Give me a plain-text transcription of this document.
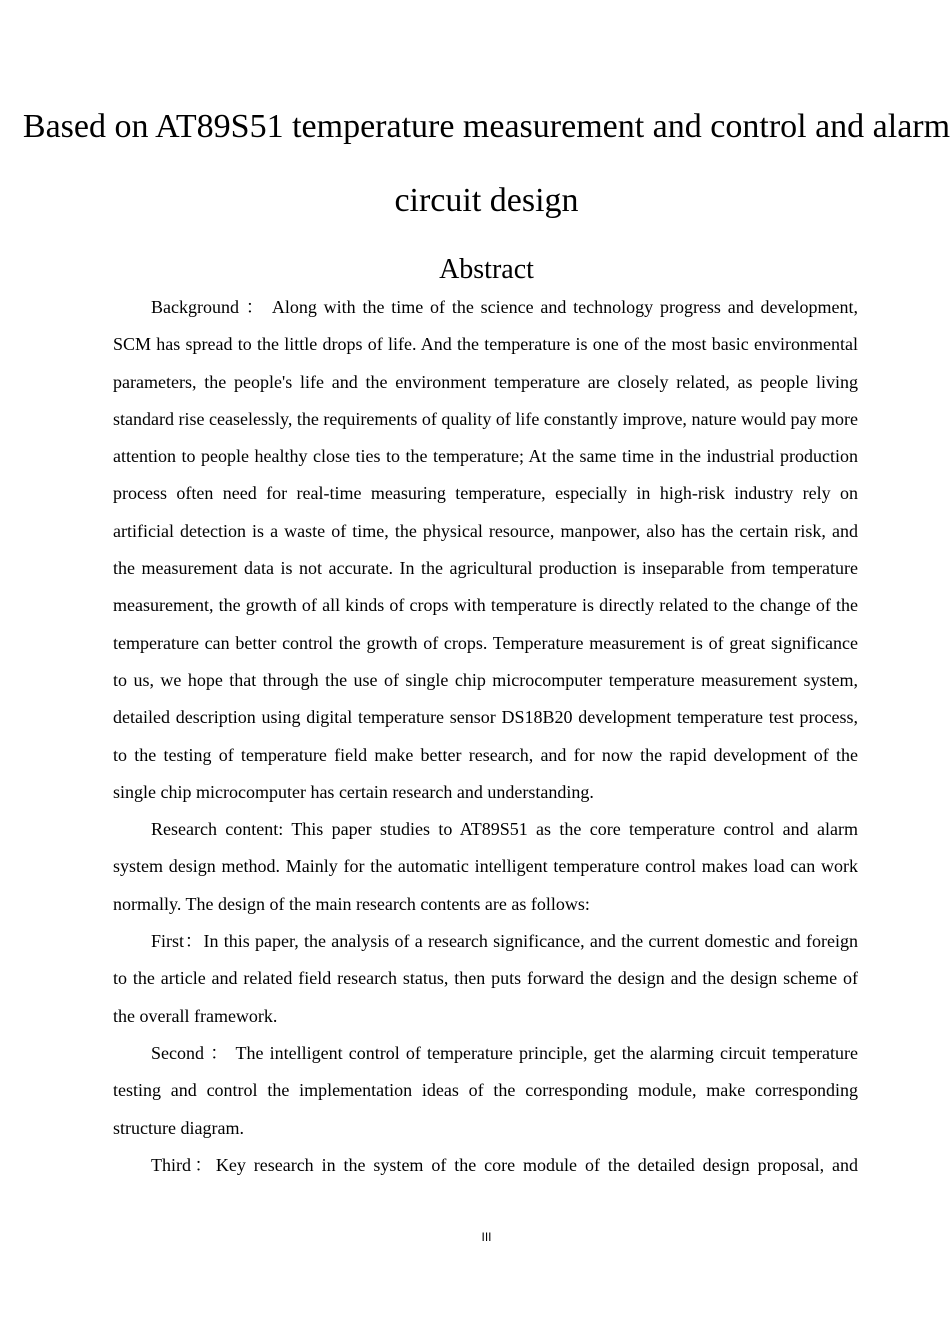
Based on AT89S51 temperature measurement and control and alarm circuit design
Abstract

Background ： Along with the time of the science and technology progress and development, SCM has spread to the little drops of life. And the temperature is one of the most basic environmental parameters, the people's life and the environment temperature are closely related, as people living standard rise ceaselessly, the requirements of quality of life constantly improve, nature would pay more attention to people healthy close ties to the temperature; At the same time in the industrial production process often need for real-time measuring temperature, especially in high-risk industry rely on artificial detection is a waste of time, the physical resource, manpower, also has the certain risk, and the measurement data is not accurate. In the agricultural production is inseparable from temperature measurement, the growth of all kinds of crops with temperature is directly related to the change of the temperature can better control the growth of crops. Temperature measurement is of great significance to us, we hope that through the use of single chip microcomputer temperature measurement system, detailed description using digital temperature sensor DS18B20 development temperature test process, to the testing of temperature field make better research, and for now the rapid development of the single chip microcomputer has certain research and understanding.

Research content: This paper studies to AT89S51 as the core temperature control and alarm system design method. Mainly for the automatic intelligent temperature control makes load can work normally. The design of the main research contents are as follows:

First：In this paper, the analysis of a research significance, and the current domestic and foreign to the article and related field research status, then puts forward the design and the design scheme of the overall framework.

Second ： The intelligent control of temperature principle, get the alarming circuit temperature testing and control the implementation ideas of the corresponding module, make corresponding structure diagram.

Third：Key research in the system of the core module of the detailed design proposal, and

III
